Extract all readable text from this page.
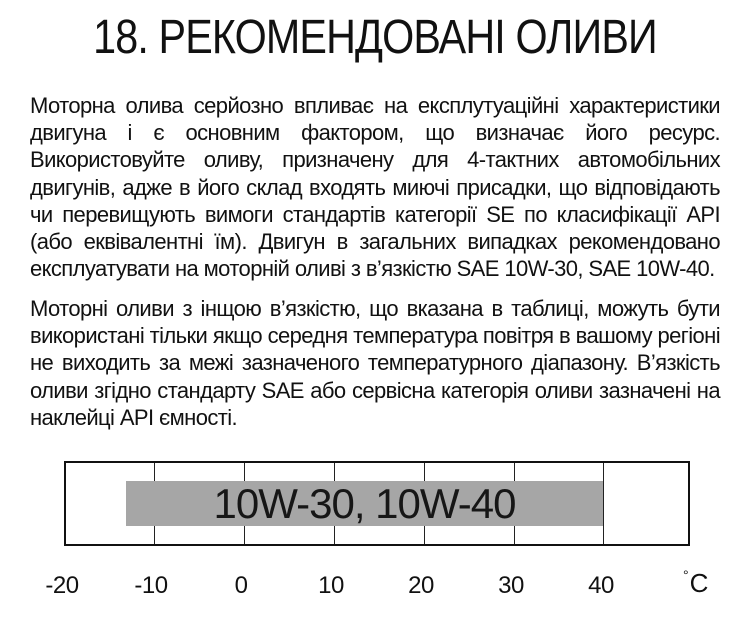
18. РЕКОМЕНДОВАНІ ОЛИВИ

Моторна олива серйозно впливає на експлутуаційні характеристики двигуна і є основним фактором, що визначає його ресурс. Використовуйте оливу, призначену для 4-тактних автомобільних двигунів, адже в його склад входять миючі присадки, що відповідають чи перевищують вимоги стандартів категорії SE по класифікації API (або еквівалентні їм). Двигун в загальних випадках рекомендовано експлуатувати на моторній оливі з в’язкістю SAE 10W-30, SAE 10W-40.

Моторні оливи з інщою в’язкістю, що вказана в таблиці, можуть бути використані тільки якщо середня температура повітря в вашому регіоні не виходить за межі зазначеного температурного діапазону. В’язкість оливи згідно стандарту SAE або сервісна категорія оливи зазначені на наклейці API ємності.

10W-30, 10W-40
-20	-10	0	10	20	30	40	°C
